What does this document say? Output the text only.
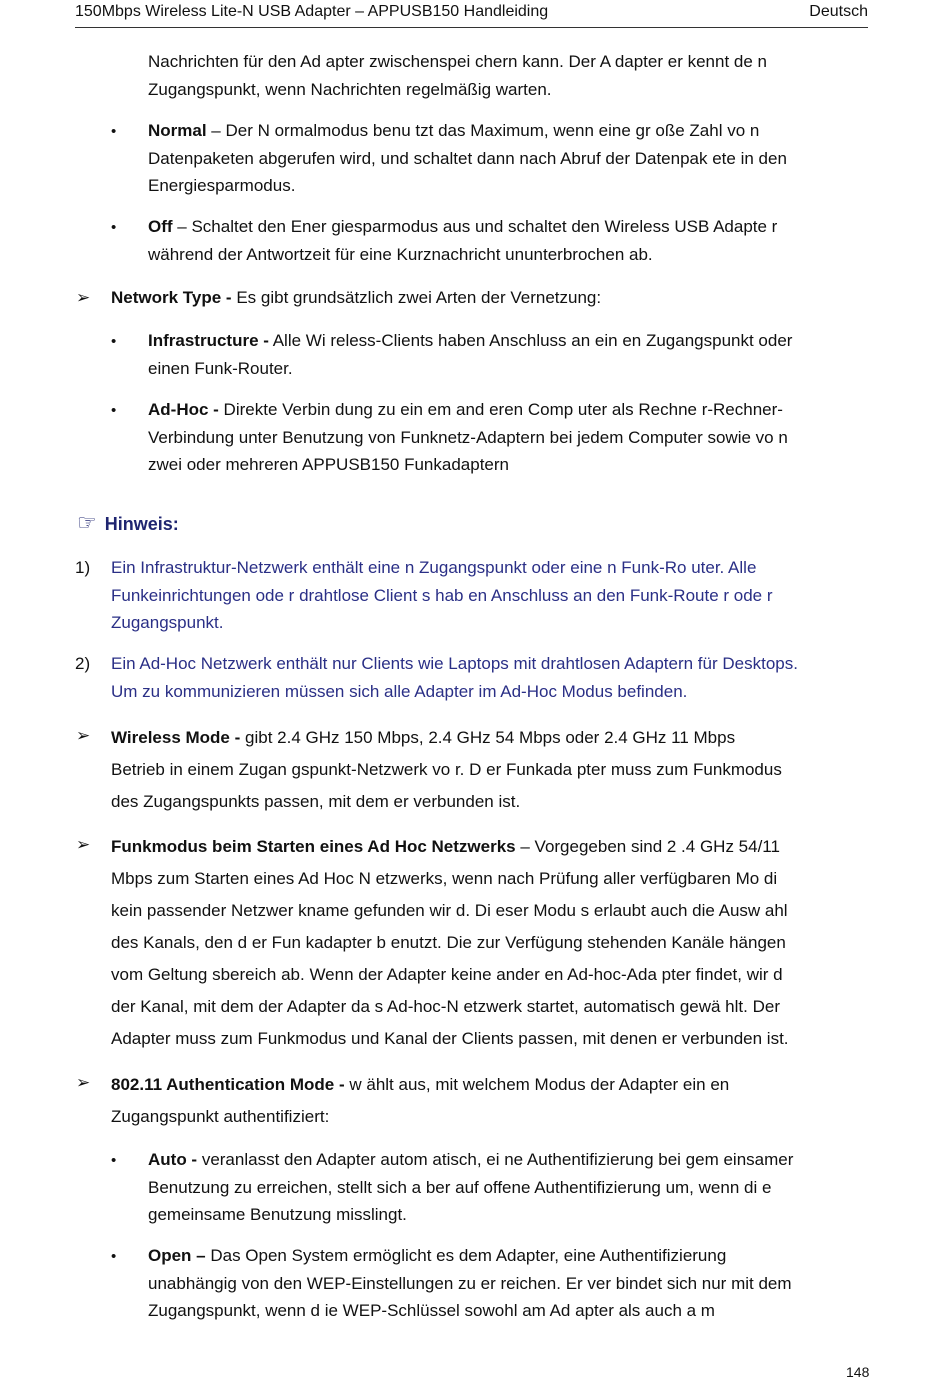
150Mbps Wireless Lite-N USB Adapter – APPUSB150 Handleiding	Deutsch
Nachrichten für den Ad apter zwischenspei chern kann. Der A dapter er kennt de n
Zugangspunkt, wenn Nachrichten regelmäßig warten.
• Normal – Der N ormalmodus benu tzt das Maximum, wenn eine gr oße Zahl vo n
Datenpaketen abgerufen wird, und schaltet dann nach Abruf der Datenpak ete in den
Energiesparmodus.
• Off – Schaltet den Ener giesparmodus aus und schaltet den Wireless USB Adapte r
während der Antwortzeit für eine Kurznachricht ununterbrochen ab.
➢ Network Type - Es gibt grundsätzlich zwei Arten der Vernetzung:
• Infrastructure - Alle Wi reless-Clients haben Anschluss an ein en Zugangspunkt oder
einen Funk-Router.
• Ad-Hoc - Direkte Verbin dung zu ein em and eren Comp uter als Rechne r-Rechner-
Verbindung unter Benutzung von Funknetz-Adaptern bei jedem Computer sowie vo n
zwei oder mehreren APPUSB150 Funkadaptern
☞ Hinweis:
1) Ein Infrastruktur-Netzwerk enthält eine n Zugangspunkt oder eine n Funk-Ro uter. Alle
Funkeinrichtungen ode r drahtlose Client s hab en Anschluss an den Funk-Route r ode r
Zugangspunkt.
2) Ein Ad-Hoc Netzwerk enthält nur Clients wie Laptops mit drahtlosen Adaptern für Desktops.
Um zu kommunizieren müssen sich alle Adapter im Ad-Hoc Modus befinden.
➢ Wireless Mode - gibt 2.4 GHz 150 Mbps, 2.4 GHz 54 Mbps oder 2.4 GHz 11 Mbps
Betrieb in einem Zugan gspunkt-Netzwerk vo r. D er Funkada pter muss zum Funkmodus
des Zugangspunkts passen, mit dem er verbunden ist.
➢ Funkmodus beim Starten eines Ad Hoc Netzwerks – Vorgegeben sind 2 .4 GHz 54/11
Mbps zum Starten eines Ad Hoc N etzwerks, wenn nach Prüfung aller verfügbaren Mo di
kein passender Netzwer kname gefunden wir d. Di eser Modu s erlaubt auch die Ausw ahl
des Kanals, den d er Fun kadapter b enutzt. Die zur Verfügung stehenden Kanäle hängen
vom Geltung sbereich ab. Wenn der Adapter keine ander en Ad-hoc-Ada pter findet, wir d
der Kanal, mit dem der Adapter da s Ad-hoc-N etzwerk startet, automatisch gewä hlt. Der
Adapter muss zum Funkmodus und Kanal der Clients passen, mit denen er verbunden ist.
➢ 802.11 Authentication Mode - w ählt aus, mit welchem Modus der Adapter ein en
Zugangspunkt authentifiziert:
• Auto - veranlasst den Adapter autom atisch, ei ne Authentifizierung bei gem einsamer
Benutzung zu erreichen, stellt sich a ber auf offene Authentifizierung um, wenn di e
gemeinsame Benutzung misslingt.
• Open – Das Open System ermöglicht es dem Adapter, eine Authentifizierung
unabhängig von den WEP-Einstellungen zu er reichen. Er ver bindet sich nur mit dem
Zugangspunkt, wenn d ie WEP-Schlüssel sowohl am Ad apter als auch a m
148
